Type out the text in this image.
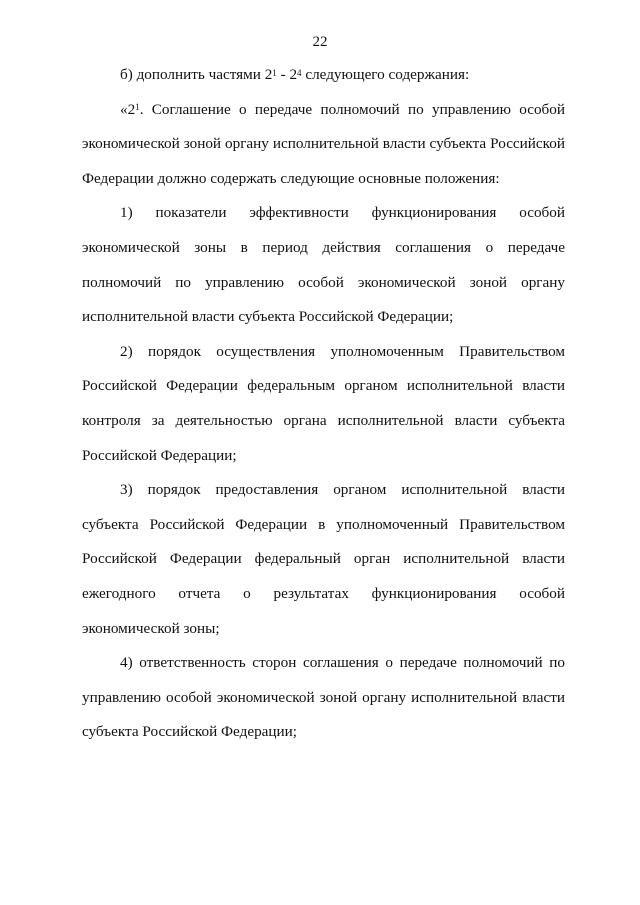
22

б) дополнить частями $2^1 - 2^4$ следующего содержания:

«$2^1$. Соглашение о передаче полномочий по управлению особой экономической зоной органу исполнительной власти субъекта Российской Федерации должно содержать следующие основные положения:

1) показатели эффективности функционирования особой экономической зоны в период действия соглашения о передаче полномочий по управлению особой экономической зоной органу исполнительной власти субъекта Российской Федерации;

2) порядок осуществления уполномоченным Правительством Российской Федерации федеральным органом исполнительной власти контроля за деятельностью органа исполнительной власти субъекта Российской Федерации;

3) порядок предоставления органом исполнительной власти субъекта Российской Федерации в уполномоченный Правительством Российской Федерации федеральный орган исполнительной власти ежегодного отчета о результатах функционирования особой экономической зоны;

4) ответственность сторон соглашения о передаче полномочий по управлению особой экономической зоной органу исполнительной власти субъекта Российской Федерации;
